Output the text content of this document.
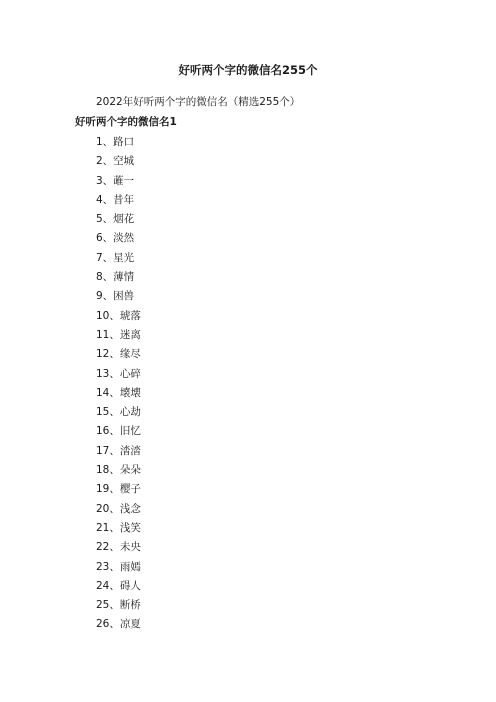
好听两个字的微信名255个
2022年好听两个字的微信名（精选255个）
好听两个字的微信名1
1、路口
2、空城
3、蓶一
4、昔年
5、烟花
6、淡然
7、星光
8、薄情
9、困兽
10、琥落
11、迷离
12、缘尽
13、心碎
14、壊壊
15、心劫
16、旧忆
17、涾涾
18、朵朵
19、樱子
20、浅念
21、浅笑
22、未央
23、雨嫣
24、碍人
25、断桥
26、凉夏
